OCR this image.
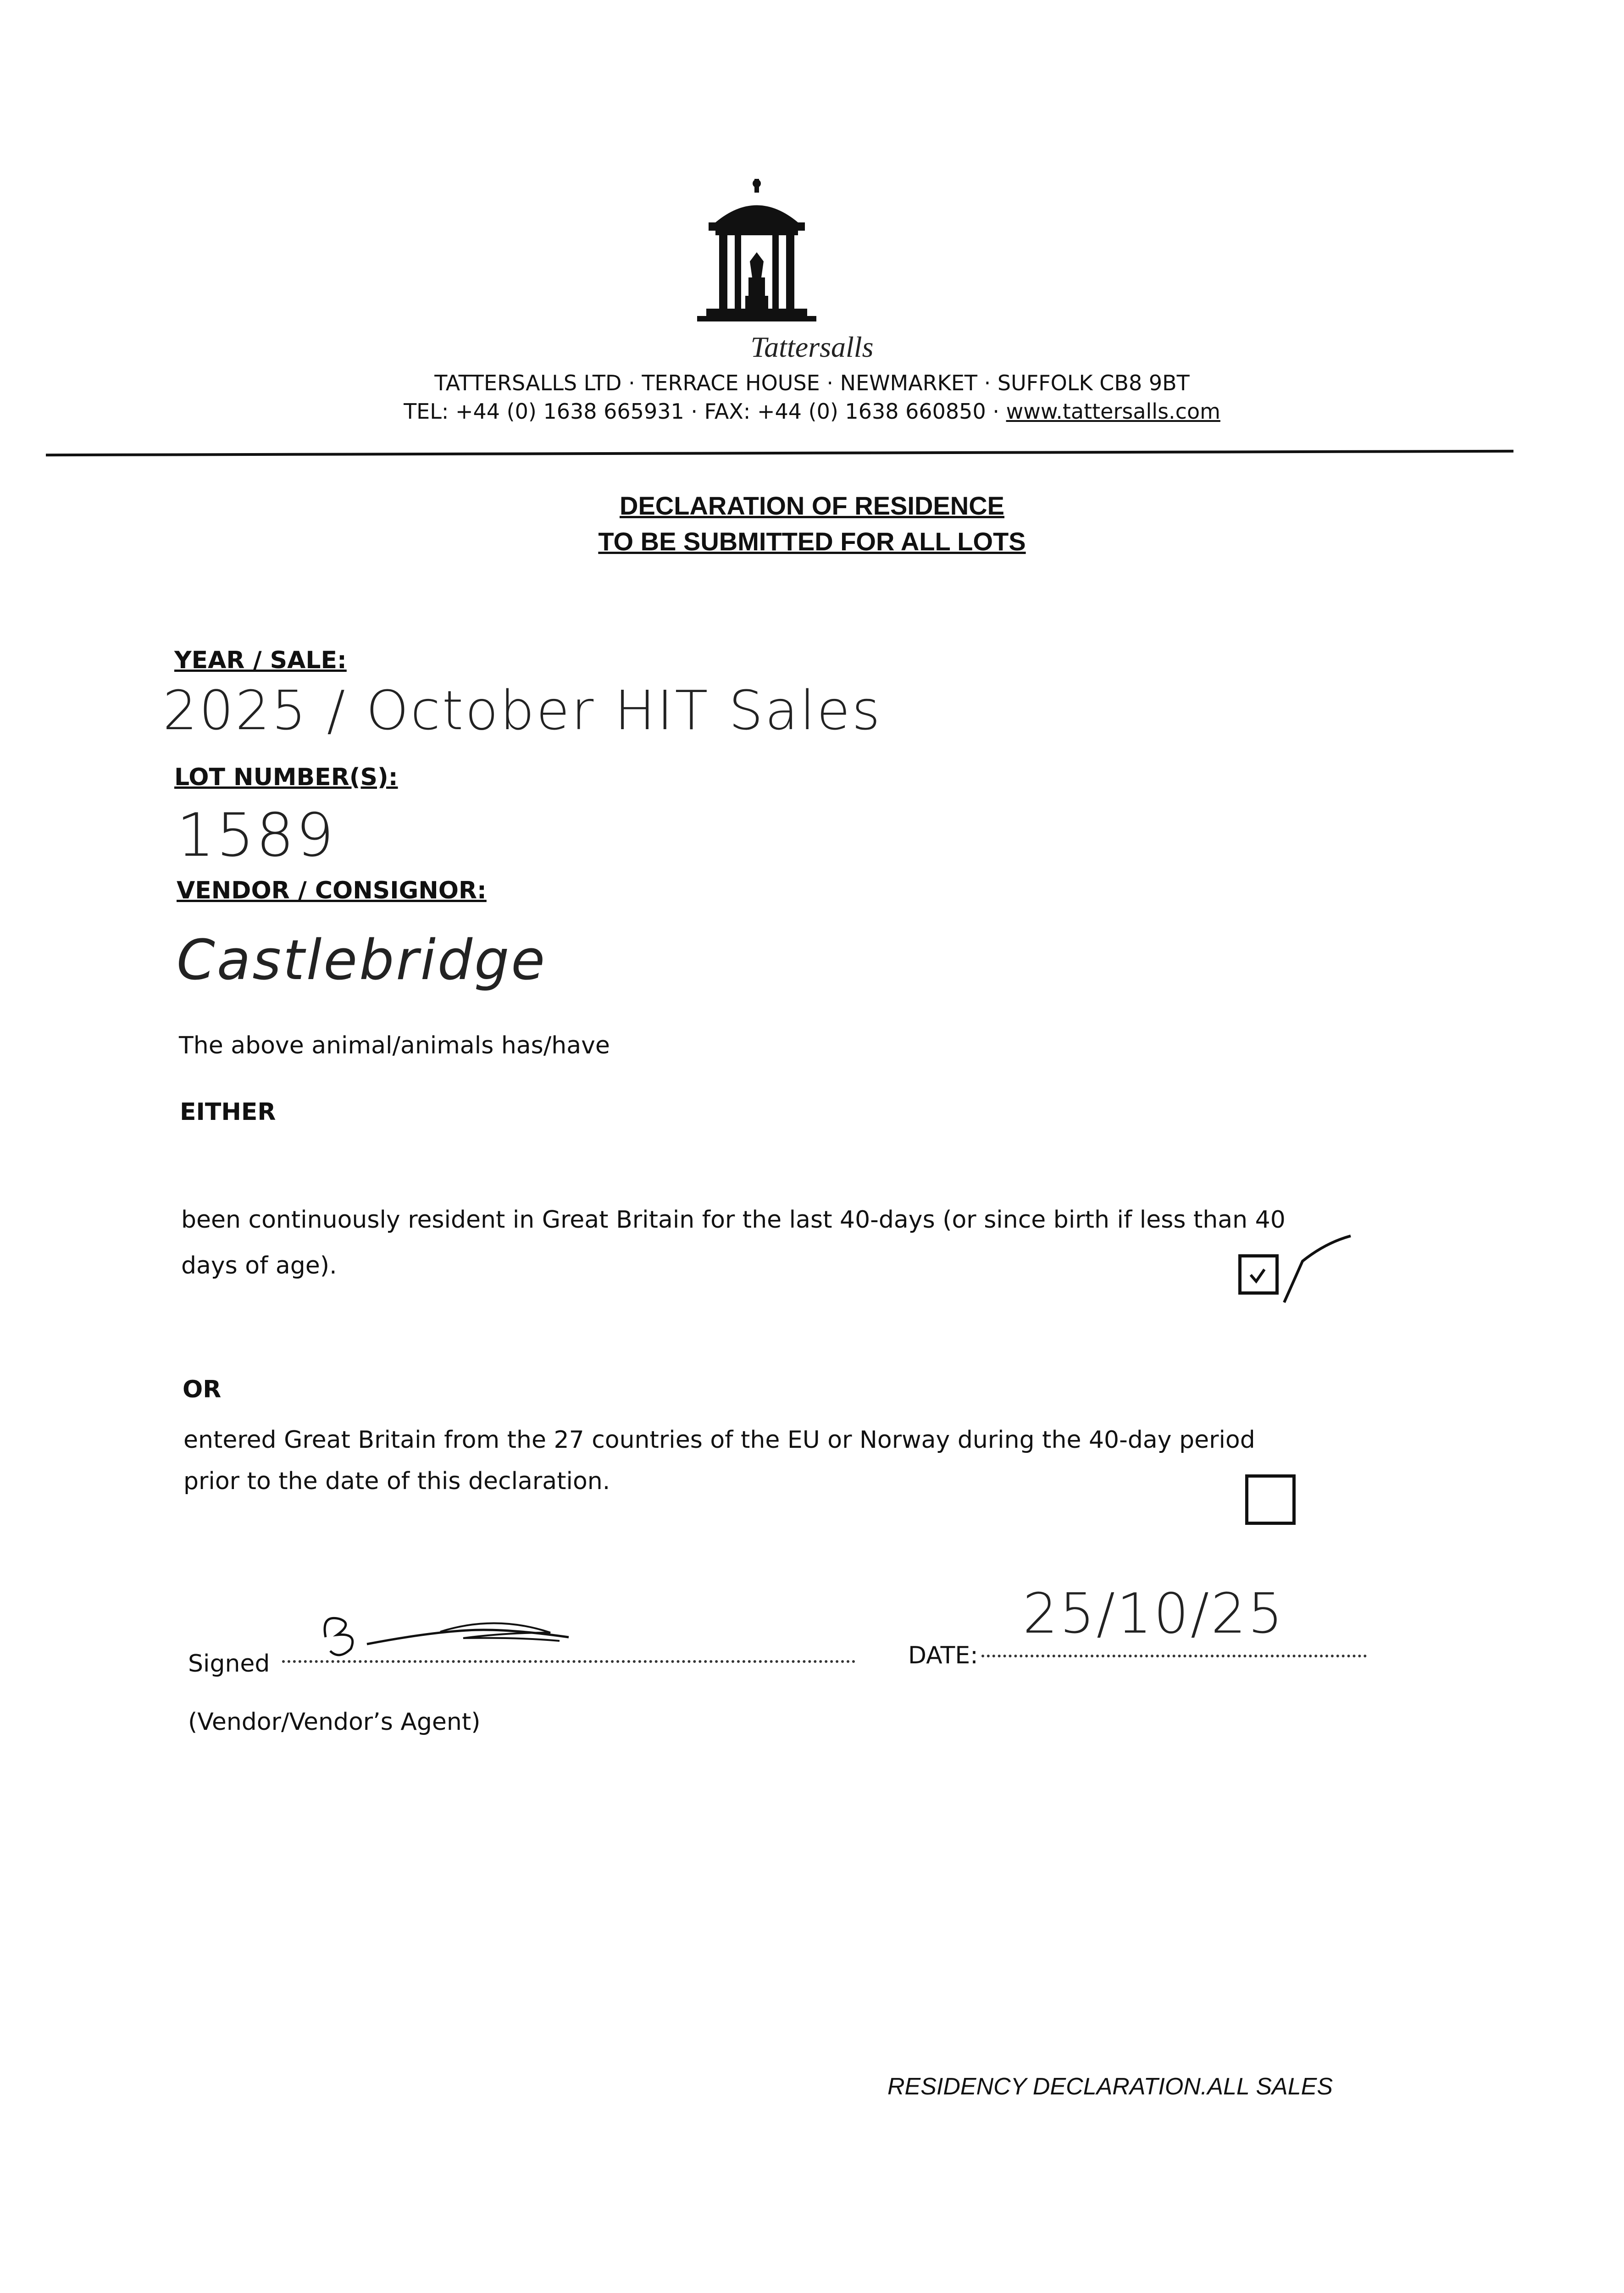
Tattersalls
TATTERSALLS LTD · TERRACE HOUSE · NEWMARKET · SUFFOLK CB8 9BT
TEL: +44 (0) 1638 665931 · FAX: +44 (0) 1638 660850 · www.tattersalls.com
DECLARATION OF RESIDENCE
TO BE SUBMITTED FOR ALL LOTS
YEAR / SALE:
2025 / October HIT Sales
LOT NUMBER(S):
1589
VENDOR / CONSIGNOR:
Castlebridge
The above animal/animals has/have
EITHER
been continuously resident in Great Britain for the last 40-days (or since birth if less than 40
days of age).
OR
entered Great Britain from the 27 countries of the EU or Norway during the 40-day period
prior to the date of this declaration.
Signed
(Vendor/Vendor’s Agent)
DATE:
25/10/25
RESIDENCY DECLARATION.ALL SALES
